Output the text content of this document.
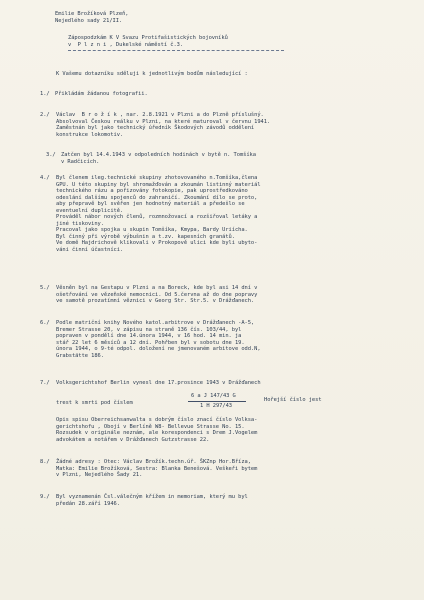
Emilie Brožíková Plzeň,
Nejedlého sady 21/II.
Zápospodzkám K V Svazu Protifašistických bojovníků
v  P l z n i , Dukelské náměstí č.3.
K Vašemu dotazníku sděluji k jednotlivým bodům následující :
1./ Přikládám žádanou fotografii.
2./ Václav  B r o ž í k , nar. 2.8.1921 v Plzni a do Plzně příslušný.
Absolvoval Českou reálku v Plzni, na které maturoval v červnu 1941.
Zaměstnán byl jako technický úředník Škodových závodů oddělení
konstrukce lokomotiv.
3./ Zatčen byl 14.4.1943 v odpoledních hodinách v bytě n. Tomšíka
v Radčicích.
4./ Byl členem ileg.technické skupiny zhotovovaného n.Tomšíka,člena
GPU. U této skupiny byl shromažďován a zkoumán listinný materiál
technického rázu a pořizovány fotokopie, pak uprostředkováno
odeslání dalšímu spojenců do zahraničí. Zkoumání dílo se proto,
aby přepravě byl svěřen jen hodnotný materiál a předešlo se
eventuelní duplicitě.
Prováděl nábor nových členů, rozmnožovací a rozšiřoval letáky a
jiné tiskoviny.
Pracoval jako spojka u skupin Tomšíka, Kmypa, Bardy Uriícha.
Byl činný při výrobě výbušnin a t.zv. kapesních granátů.
Ve domě Hajdrichově klikovali v Prokopově ulici kde byli ubyto-
váni činní účastníci.
5./ Věsněn byl na Gestapu v Plzni a na Boreck, kde byl asi 14 dní v
ošetřování ve vězeňské nemocnici. Od 5.června až do dne popravy
ve samotě prozatímní věznici v Georg Str. Str.5. v Drážďanech.
6./ Podle matriční knihy Nového katol.arbitrove v Drážďanech -A-5,
Bremer Strasse 20, v zápisu na straně 136 čís. 103/44, byl
popraven v pondělí dne 14.února 1944, v 16 hod. 14 min. ja
stář 22 let 6 měsíců a 12 dní. Pohřben byl v sobotu dne 19.
února 1944, o 9-té odpol. doložení ne jmenovaném arbitove odd.N,
Grabstätte 186.
7./ Volksgerichtshof Berlin vynesl dne 17.prosince 1943 v Drážďanech
trest k smrti pod číslem
6 a J 147/43 G
1 H 297/43
Hořejší číslo jest
Opis spisu Oberreichsanwalta s dobrým číslo znací číslo Volksa-
gerichtshofu , Obojí v Berlíně W8- Bellevue Strasse No. 15.
Rozsudek v originále neznám, ale korespondenci s Drem J.Vogelem
advokátem a notářem v Drážďanech Gutzstrasse 22.
8./ Žádné adresy : Otec: Václav Brožík.techn.úř. ŠKZnp Hor.Bříza,
Matka: Emilie Brožíková, Sestra: Blanka Benešová. Veškeři bytem
v Plzni, Nejedlého Šady 21.
9./ Byl vyznamenán Čsl.válečným křížem in memoriam, který mu byl
předán 28.září 1946.
